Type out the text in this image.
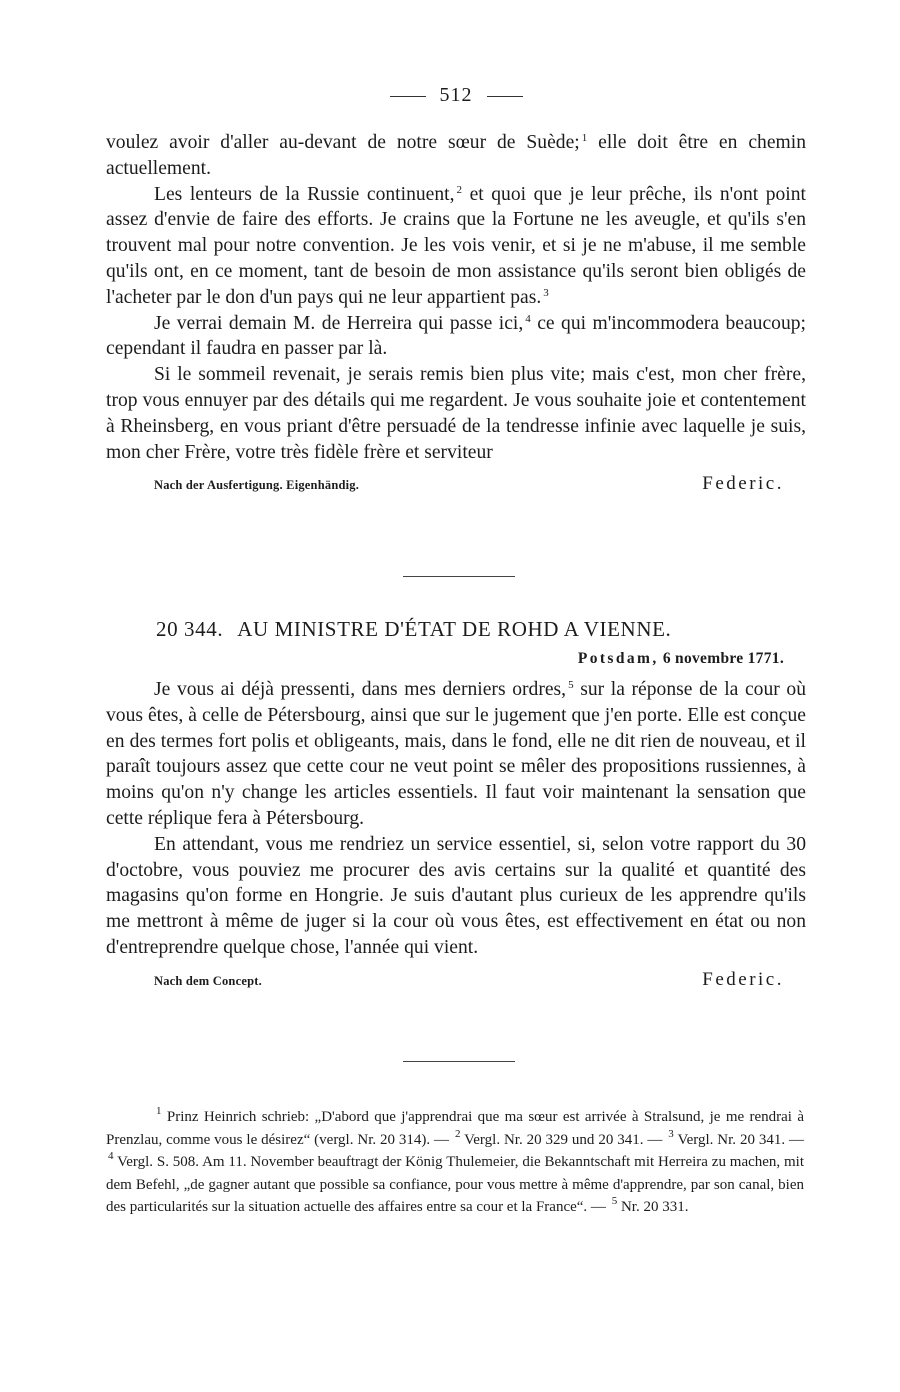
512

voulez avoir d'aller au-devant de notre sœur de Suède; $^1$ elle doit être en chemin actuellement.

Les lenteurs de la Russie continuent, $^2$ et quoi que je leur prêche, ils n'ont point assez d'envie de faire des efforts. Je crains que la Fortune ne les aveugle, et qu'ils s'en trouvent mal pour notre convention. Je les vois venir, et si je ne m'abuse, il me semble qu'ils ont, en ce moment, tant de besoin de mon assistance qu'ils seront bien obligés de l'acheter par le don d'un pays qui ne leur appartient pas. $^3$

Je verrai demain M. de Herreira qui passe ici, $^4$ ce qui m'incommodera beaucoup; cependant il faudra en passer par là.

Si le sommeil revenait, je serais remis bien plus vite; mais c'est, mon cher frère, trop vous ennuyer par des détails qui me regardent. Je vous souhaite joie et contentement à Rheinsberg, en vous priant d'être persuadé de la tendresse infinie avec laquelle je suis, mon cher Frère, votre très fidèle frère et serviteur

Nach der Ausfertigung. Eigenhändig.	Federic.
20 344. AU MINISTRE D'ÉTAT DE ROHD A VIENNE.
Potsdam, 6 novembre 1771.

Je vous ai déjà pressenti, dans mes derniers ordres, $^5$ sur la réponse de la cour où vous êtes, à celle de Pétersbourg, ainsi que sur le jugement que j'en porte. Elle est conçue en des termes fort polis et obligeants, mais, dans le fond, elle ne dit rien de nouveau, et il paraît toujours assez que cette cour ne veut point se mêler des propositions russiennes, à moins qu'on n'y change les articles essentiels. Il faut voir maintenant la sensation que cette réplique fera à Pétersbourg.

En attendant, vous me rendriez un service essentiel, si, selon votre rapport du 30 d'octobre, vous pouviez me procurer des avis certains sur la qualité et quantité des magasins qu'on forme en Hongrie. Je suis d'autant plus curieux de les apprendre qu'ils me mettront à même de juger si la cour où vous êtes, est effectivement en état ou non d'entreprendre quelque chose, l'année qui vient.

Nach dem Concept.	Federic.

$^1$ Prinz Heinrich schrieb: „D'abord que j'apprendrai que ma sœur est arrivée à Stralsund, je me rendrai à Prenzlau, comme vous le désirez“ (vergl. Nr. 20 314). — $^2$ Vergl. Nr. 20 329 und 20 341. — $^3$ Vergl. Nr. 20 341. — $^4$ Vergl. S. 508. Am 11. November beauftragt der König Thulemeier, die Bekanntschaft mit Herreira zu machen, mit dem Befehl, „de gagner autant que possible sa confiance, pour vous mettre à même d'apprendre, par son canal, bien des particularités sur la situation actuelle des affaires entre sa cour et la France“. — $^5$ Nr. 20 331.
